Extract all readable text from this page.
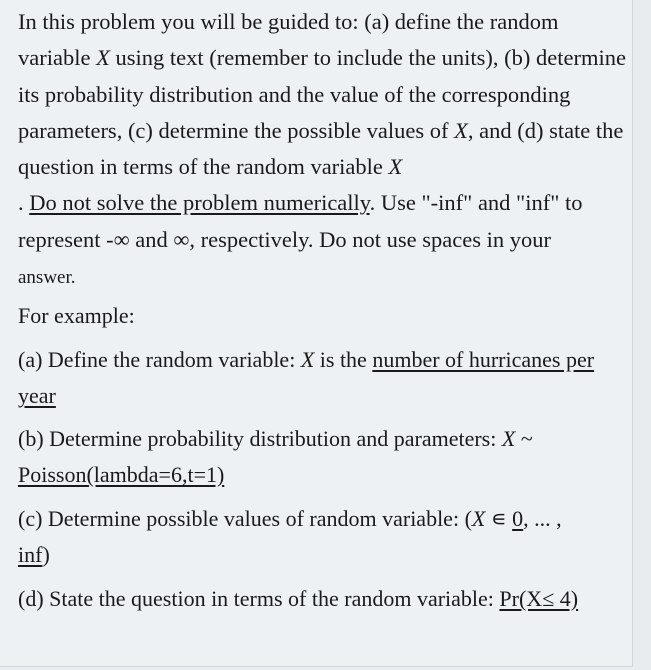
In this problem you will be guided to: (a) define the random variable X using text (remember to include the units), (b) determine its probability distribution and the value of the corresponding parameters, (c) determine the possible values of X, and (d) state the question in terms of the random variable X
. Do not solve the problem numerically. Use "-inf" and "inf" to represent -∞ and ∞, respectively. Do not use spaces in your
answer.

For example:

(a) Define the random variable: X is the number of hurricanes per year

(b) Determine probability distribution and parameters: X ~ Poisson(lambda=6,t=1)

(c) Determine possible values of random variable: (X ∊ 0, ... ,
inf)

(d) State the question in terms of the random variable: Pr(X≤ 4)
